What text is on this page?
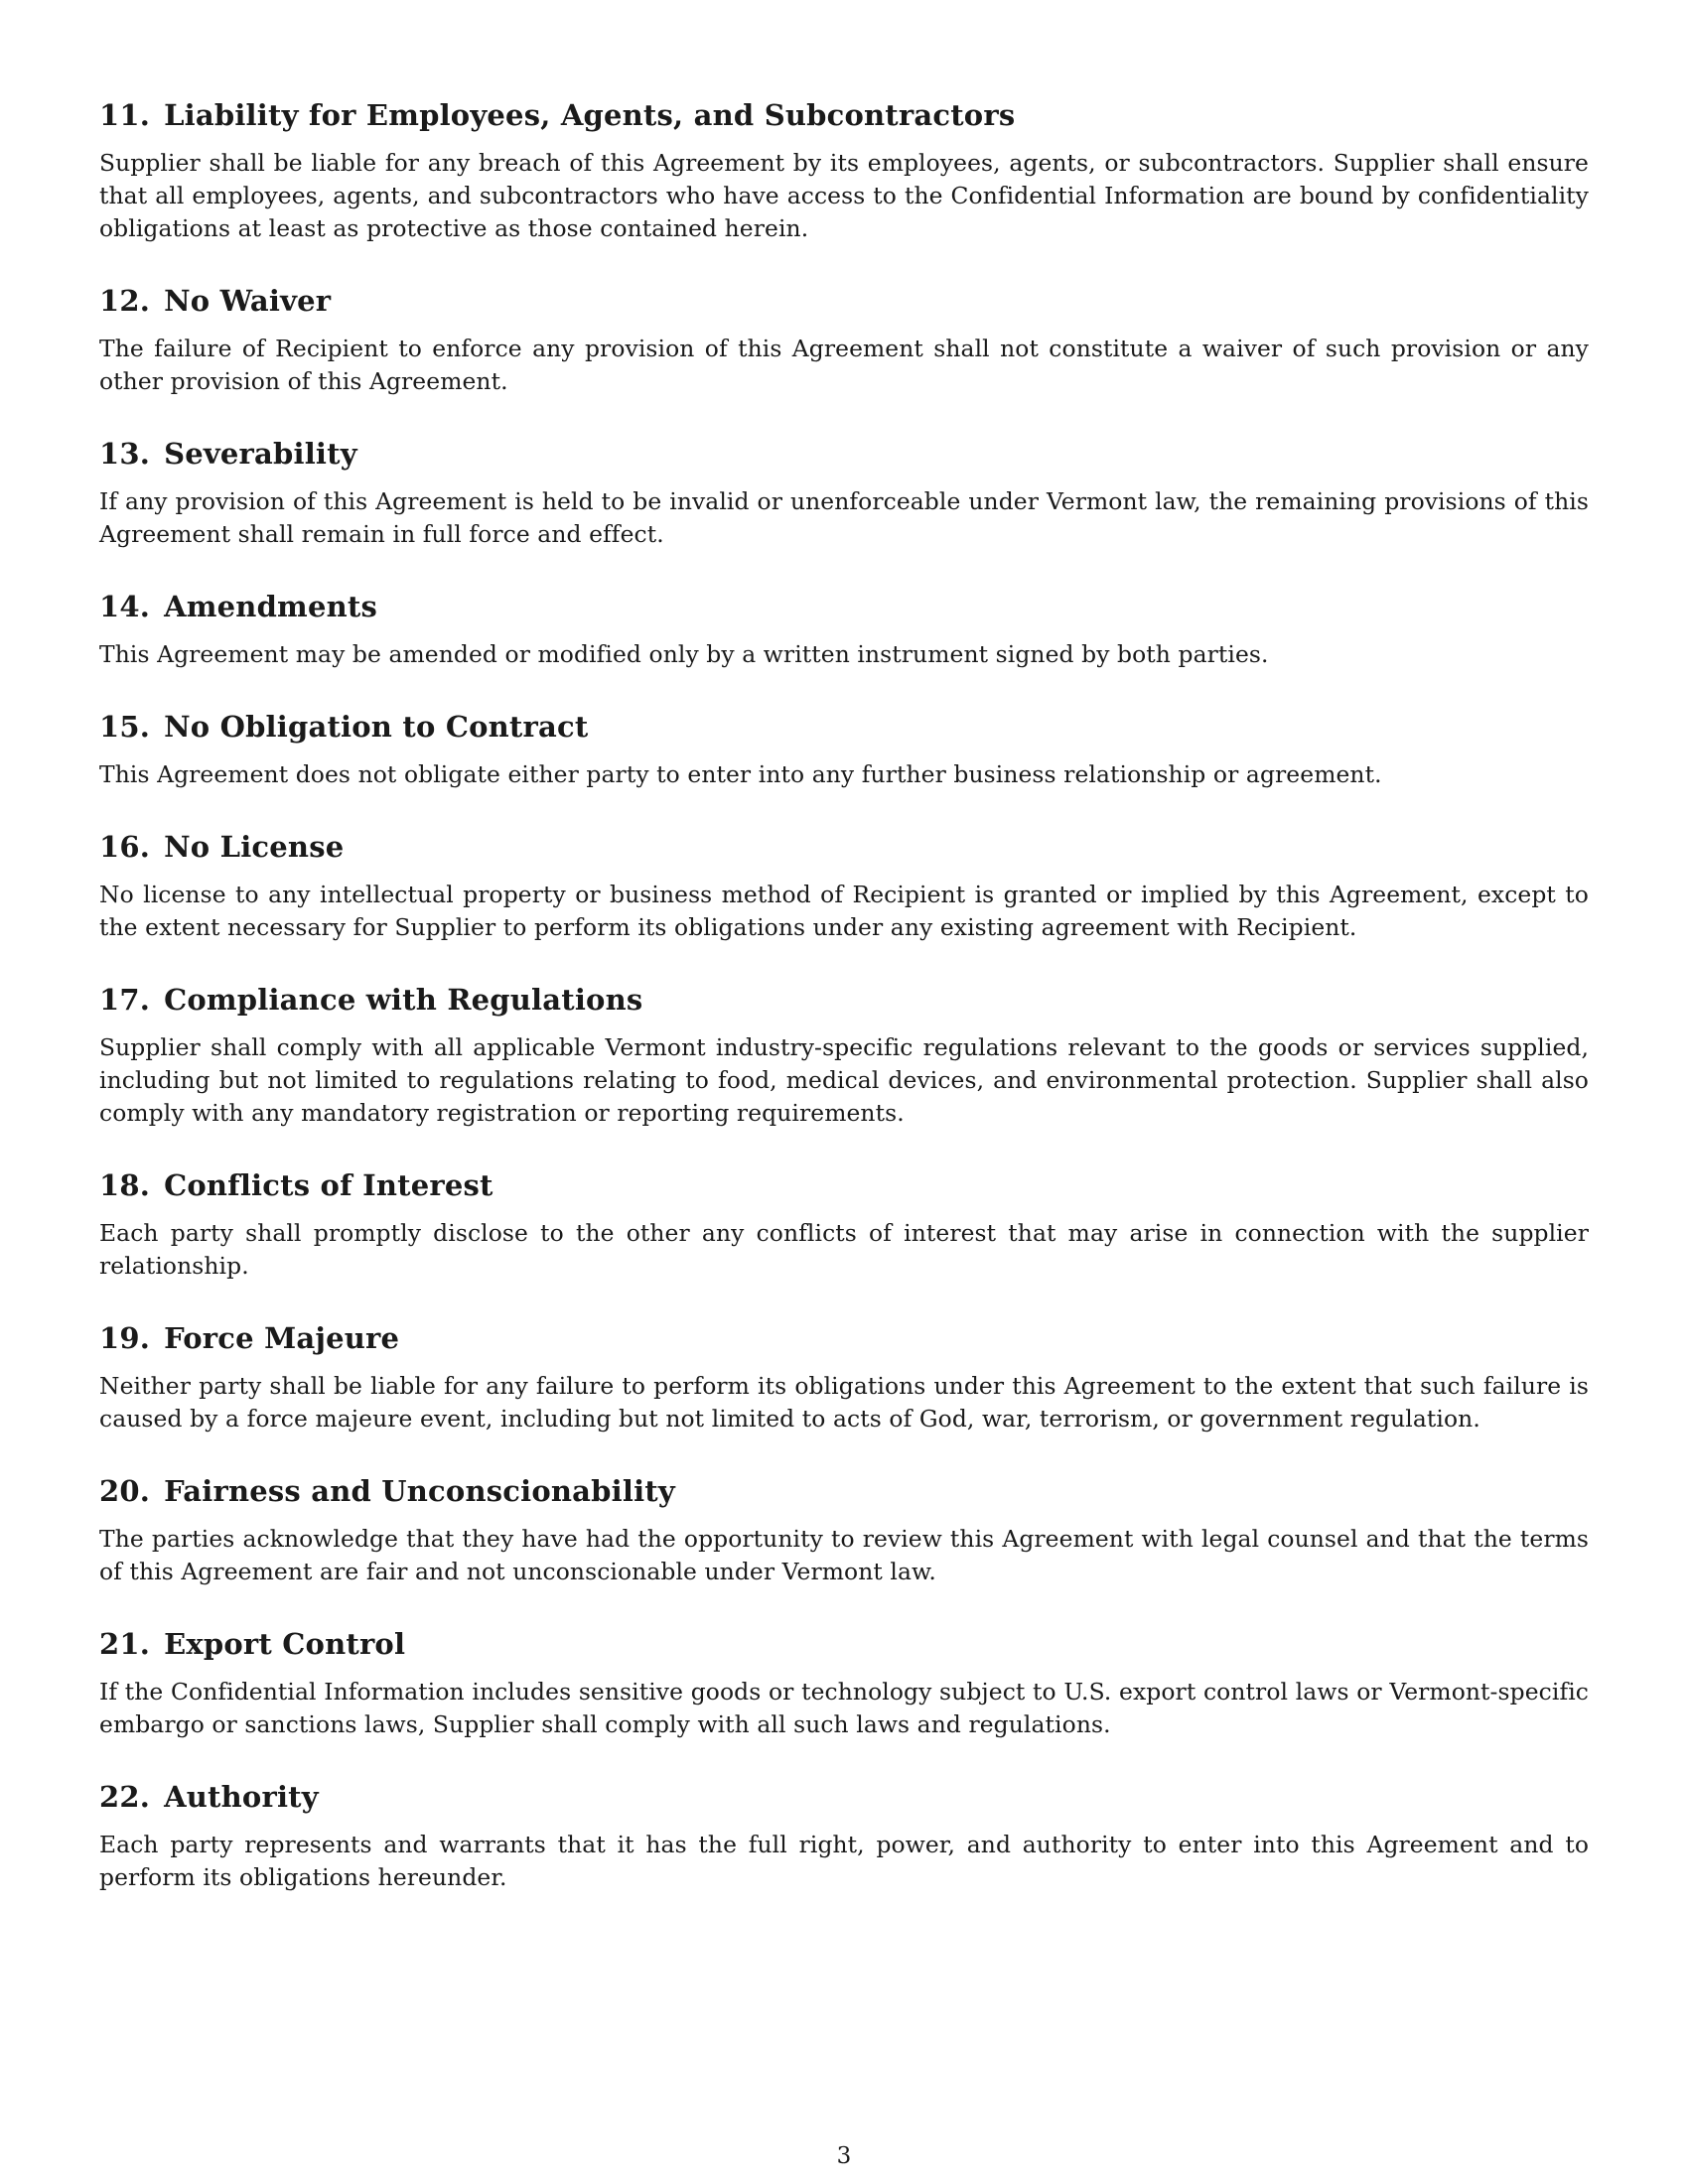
11. Liability for Employees, Agents, and Subcontractors

Supplier shall be liable for any breach of this Agreement by its employees, agents, or subcontractors. Supplier shall ensure that all employees, agents, and subcontractors who have access to the Confidential Information are bound by confidentiality obligations at least as protective as those contained herein.

12. No Waiver

The failure of Recipient to enforce any provision of this Agreement shall not constitute a waiver of such provision or any other provision of this Agreement.

13. Severability

If any provision of this Agreement is held to be invalid or unenforceable under Vermont law, the remaining provisions of this Agreement shall remain in full force and effect.

14. Amendments

This Agreement may be amended or modified only by a written instrument signed by both parties.

15. No Obligation to Contract

This Agreement does not obligate either party to enter into any further business relationship or agreement.

16. No License

No license to any intellectual property or business method of Recipient is granted or implied by this Agreement, except to the extent necessary for Supplier to perform its obligations under any existing agreement with Recipient.

17. Compliance with Regulations

Supplier shall comply with all applicable Vermont industry-specific regulations relevant to the goods or services supplied, including but not limited to regulations relating to food, medical devices, and environmental protection. Supplier shall also comply with any mandatory registration or reporting requirements.

18. Conflicts of Interest

Each party shall promptly disclose to the other any conflicts of interest that may arise in connection with the supplier relationship.

19. Force Majeure

Neither party shall be liable for any failure to perform its obligations under this Agreement to the extent that such failure is caused by a force majeure event, including but not limited to acts of God, war, terrorism, or government regulation.

20. Fairness and Unconscionability

The parties acknowledge that they have had the opportunity to review this Agreement with legal counsel and that the terms of this Agreement are fair and not unconscionable under Vermont law.

21. Export Control

If the Confidential Information includes sensitive goods or technology subject to U.S. export control laws or Vermont-specific embargo or sanctions laws, Supplier shall comply with all such laws and regulations.

22. Authority

Each party represents and warrants that it has the full right, power, and authority to enter into this Agreement and to perform its obligations hereunder.

3
